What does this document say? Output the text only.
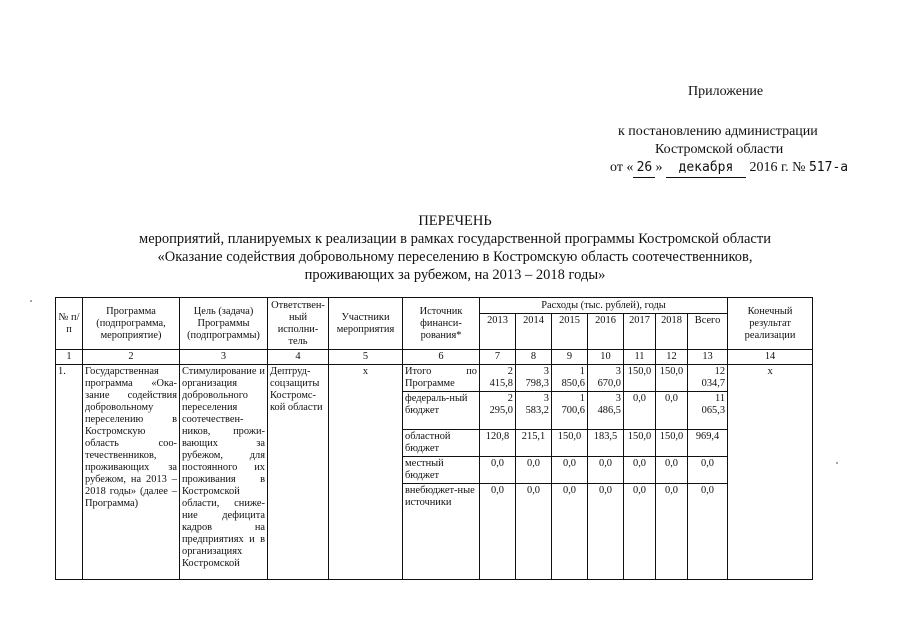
Приложение
к постановлению администрации
Костромской области
от « 26 » декабря 2016 г. № 517-а
ПЕРЕЧЕНЬ
мероприятий, планируемых к реализации в рамках государственной программы Костромской области
«Оказание содействия добровольному переселению в Костромскую область соотечественников,
проживающих за рубежом, на 2013 – 2018 годы»
№ п/п	Программа (подпрограмма, мероприятие)	Цель (задача) Программы (подпрограммы)	Ответствен-ный исполни-тель	Участники мероприятия	Источник финанси-рования*	Расходы (тыс. рублей), годы							Конечный результат реализации
						2013	2014	2015	2016	2017	2018	Всего	
1	2	3	4	5	6	7	8	9	10	11	12	13	14
1.	Государственная программа «Ока-зание содействия добровольному переселению в Костромскую область соо-течественников, проживающих за рубежом, на 2013 – 2018 годы» (далее – Программа)	Стимулирование и организация добровольного переселения соотечествен-ников, прожи-вающих за рубежом, для постоянного их проживания в Костромской области, сниже-ние дефицита кадров на предприятиях и в организациях Костромской	Дептруд-соцзащиты Костромс-кой области	х	Итого по Программе	2 415,8	3 798,3	1 850,6	3 670,0	150,0	150,0	12 034,7	х
					федераль-ный бюджет	2 295,0	3 583,2	1 700,6	3 486,5	0,0	0,0	11 065,3	
					областной бюджет	120,8	215,1	150,0	183,5	150,0	150,0	969,4	
					местный бюджет	0,0	0,0	0,0	0,0	0,0	0,0	0,0	
					внебюджет-ные источники	0,0	0,0	0,0	0,0	0,0	0,0	0,0	
